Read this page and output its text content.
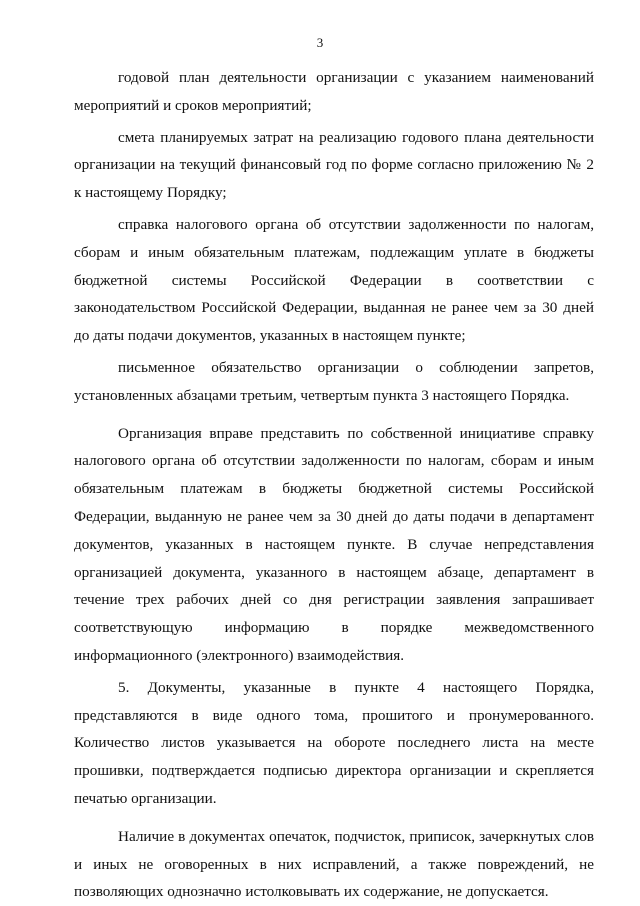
3

годовой план деятельности организации с указанием наименований мероприятий и сроков мероприятий;

смета планируемых затрат на реализацию годового плана деятельности организации на текущий финансовый год по форме согласно приложению № 2 к настоящему Порядку;

справка налогового органа об отсутствии задолженности по налогам, сборам и иным обязательным платежам, подлежащим уплате в бюджеты бюджетной системы Российской Федерации в соответствии с законодательством Российской Федерации, выданная не ранее чем за 30 дней до даты подачи документов, указанных в настоящем пункте;

письменное обязательство организации о соблюдении запретов, установленных абзацами третьим, четвертым пункта 3 настоящего Порядка.

Организация вправе представить по собственной инициативе справку налогового органа об отсутствии задолженности по налогам, сборам и иным обязательным платежам в бюджеты бюджетной системы Российской Федерации, выданную не ранее чем за 30 дней до даты подачи в департамент документов, указанных в настоящем пункте. В случае непредставления организацией документа, указанного в настоящем абзаце, департамент в течение трех рабочих дней со дня регистрации заявления запрашивает соответствующую информацию в порядке межведомственного информационного (электронного) взаимодействия.

5. Документы, указанные в пункте 4 настоящего Порядка, представляются в виде одного тома, прошитого и пронумерованного. Количество листов указывается на обороте последнего листа на месте прошивки, подтверждается подписью директора организации и скрепляется печатью организации.

Наличие в документах опечаток, подчисток, приписок, зачеркнутых слов и иных не оговоренных в них исправлений, а также повреждений, не позволяющих однозначно истолковывать их содержание, не допускается.
